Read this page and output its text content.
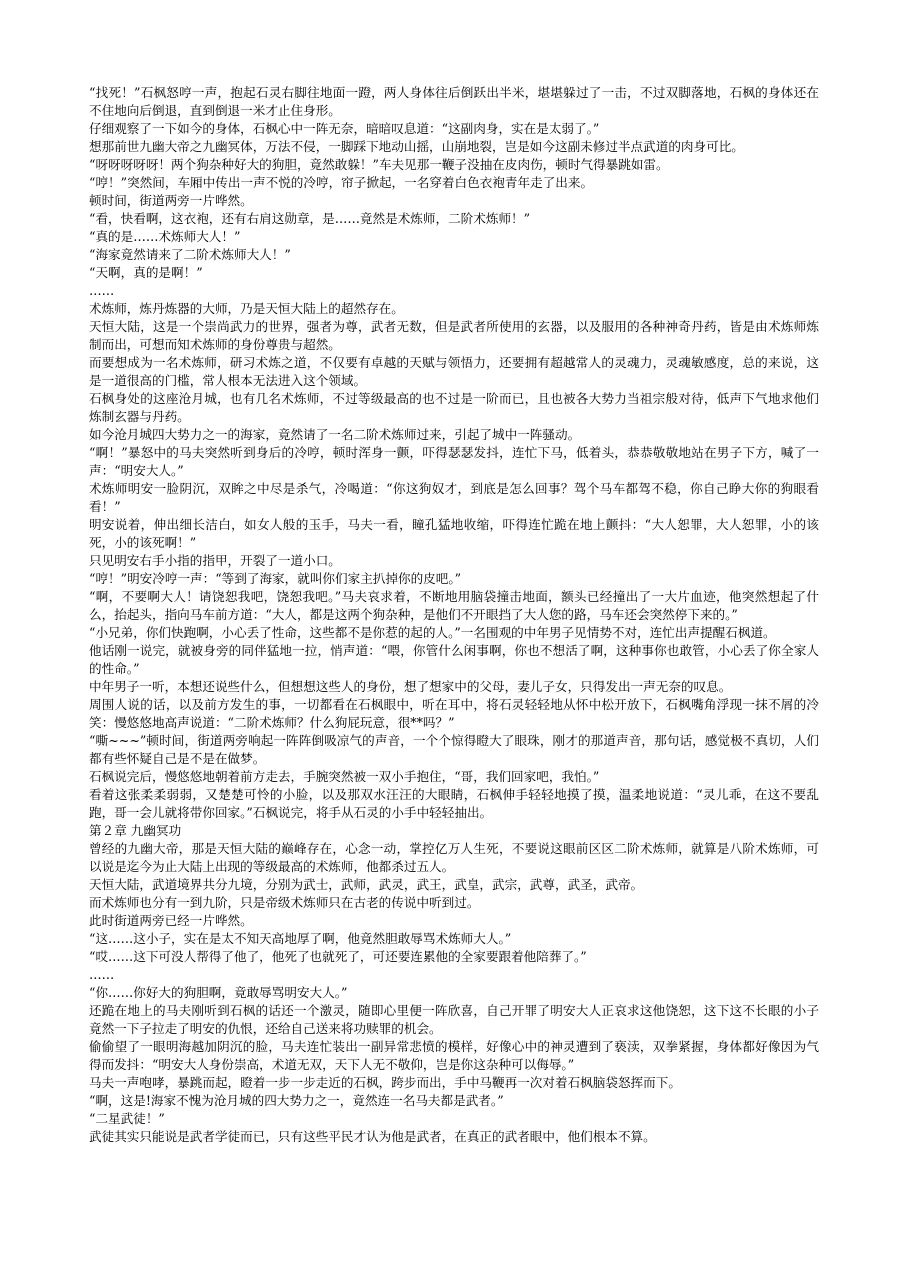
“找死！”石枫怒哼一声，抱起石灵右脚往地面一蹬，两人身体往后倒跃出半米，堪堪躲过了一击，不过双脚落地，石枫的身体还在不住地向后倒退，直到倒退一米才止住身形。

仔细观察了一下如今的身体，石枫心中一阵无奈，暗暗叹息道：“这副肉身，实在是太弱了。”

想那前世九幽大帝之九幽冥体，万法不侵，一脚踩下地动山摇，山崩地裂，岂是如今这副未修过半点武道的肉身可比。

“呀呀呀呀呀！两个狗杂种好大的狗胆，竟然敢躲！”车夫见那一鞭子没抽在皮肉伤，顿时气得暴跳如雷。

“哼！”突然间，车厢中传出一声不悦的冷哼，帘子掀起，一名穿着白色衣袍青年走了出来。

顿时间，街道两旁一片哗然。

“看，快看啊，这衣袍，还有右肩这勋章，是……竟然是术炼师，二阶术炼师！”

“真的是……术炼师大人！”

“海家竟然请来了二阶术炼师大人！”

“天啊，真的是啊！”

……

术炼师，炼丹炼器的大师，乃是天恒大陆上的超然存在。

天恒大陆，这是一个崇尚武力的世界，强者为尊，武者无数，但是武者所使用的玄器，以及服用的各种神奇丹药，皆是由术炼师炼制而出，可想而知术炼师的身份尊贵与超然。

而要想成为一名术炼师，研习术炼之道，不仅要有卓越的天赋与领悟力，还要拥有超越常人的灵魂力，灵魂敏感度，总的来说，这是一道很高的门槛，常人根本无法进入这个领域。

石枫身处的这座沧月城，也有几名术炼师，不过等级最高的也不过是一阶而已，且也被各大势力当祖宗般对待，低声下气地求他们炼制玄器与丹药。

如今沧月城四大势力之一的海家，竟然请了一名二阶术炼师过来，引起了城中一阵骚动。

“啊！”暴怒中的马夫突然听到身后的冷哼，顿时浑身一颤，吓得瑟瑟发抖，连忙下马，低着头，恭恭敬敬地站在男子下方，喊了一声：“明安大人。”

术炼师明安一脸阴沉，双眸之中尽是杀气，冷喝道：“你这狗奴才，到底是怎么回事？驾个马车都驾不稳，你自己睁大你的狗眼看看！”

明安说着，伸出细长洁白，如女人般的玉手，马夫一看，瞳孔猛地收缩，吓得连忙跪在地上颤抖：“大人恕罪，大人恕罪，小的该死，小的该死啊！”

只见明安右手小指的指甲，开裂了一道小口。

“哼！”明安冷哼一声：“等到了海家，就叫你们家主扒掉你的皮吧。”

“啊，不要啊大人！请饶恕我吧，饶恕我吧。”马夫哀求着，不断地用脑袋撞击地面，额头已经撞出了一大片血迹，他突然想起了什么，抬起头，指向马车前方道：“大人，都是这两个狗杂种，是他们不开眼挡了大人您的路，马车还会突然停下来的。”

“小兄弟，你们快跑啊，小心丢了性命，这些都不是你惹的起的人。”一名围观的中年男子见情势不对，连忙出声提醒石枫道。

他话刚一说完，就被身旁的同伴猛地一拉，悄声道：“喂，你管什么闲事啊，你也不想活了啊，这种事你也敢管，小心丢了你全家人的性命。”

中年男子一听，本想还说些什么，但想想这些人的身份，想了想家中的父母，妻儿子女，只得发出一声无奈的叹息。

周围人说的话，以及前方发生的事，一切都看在石枫眼中，听在耳中，将石灵轻轻地从怀中松开放下，石枫嘴角浮现一抹不屑的冷笑：慢悠悠地高声说道：“二阶术炼师？什么狗屁玩意，很**吗？”

“嘶~~~”顿时间，街道两旁响起一阵阵倒吸凉气的声音，一个个惊得瞪大了眼珠，刚才的那道声音，那句话，感觉极不真切，人们都有些怀疑自己是不是在做梦。

石枫说完后，慢悠悠地朝着前方走去，手腕突然被一双小手抱住，“哥，我们回家吧，我怕。”

看着这张柔柔弱弱，又楚楚可怜的小脸，以及那双水汪汪的大眼睛，石枫伸手轻轻地摸了摸，温柔地说道：“灵儿乖，在这不要乱跑，哥一会儿就将带你回家。”石枫说完，将手从石灵的小手中轻轻抽出。

第２章 九幽冥功

曾经的九幽大帝，那是天恒大陆的巅峰存在，心念一动，掌控亿万人生死，不要说这眼前区区二阶术炼师，就算是八阶术炼师，可以说是迄今为止大陆上出现的等级最高的术炼师，他都杀过五人。

天恒大陆，武道境界共分九境，分别为武士，武师，武灵，武王，武皇，武宗，武尊，武圣，武帝。

而术炼师也分有一到九阶，只是帝级术炼师只在古老的传说中听到过。

此时街道两旁已经一片哗然。

“这……这小子，实在是太不知天高地厚了啊，他竟然胆敢辱骂术炼师大人。”

“哎……这下可没人帮得了他了，他死了也就死了，可还要连累他的全家要跟着他陪葬了。”

……

“你……你好大的狗胆啊，竟敢辱骂明安大人。”

还跪在地上的马夫刚听到石枫的话还一个激灵，随即心里便一阵欣喜，自己开罪了明安大人正哀求这他饶恕，这下这不长眼的小子竟然一下子拉走了明安的仇恨，还给自己送来将功赎罪的机会。

偷偷望了一眼明海越加阴沉的脸，马夫连忙装出一副异常悲愤的模样，好像心中的神灵遭到了亵渎，双拳紧握，身体都好像因为气得而发抖：“明安大人身份崇高，术道无双，天下人无不敬仰，岂是你这杂种可以侮辱。”

马夫一声咆哮，暴跳而起，瞪着一步一步走近的石枫，跨步而出，手中马鞭再一次对着石枫脑袋怒挥而下。

“啊，这是!海家不愧为沧月城的四大势力之一，竟然连一名马夫都是武者。”

“二星武徒！”

武徒其实只能说是武者学徒而已，只有这些平民才认为他是武者，在真正的武者眼中，他们根本不算。
